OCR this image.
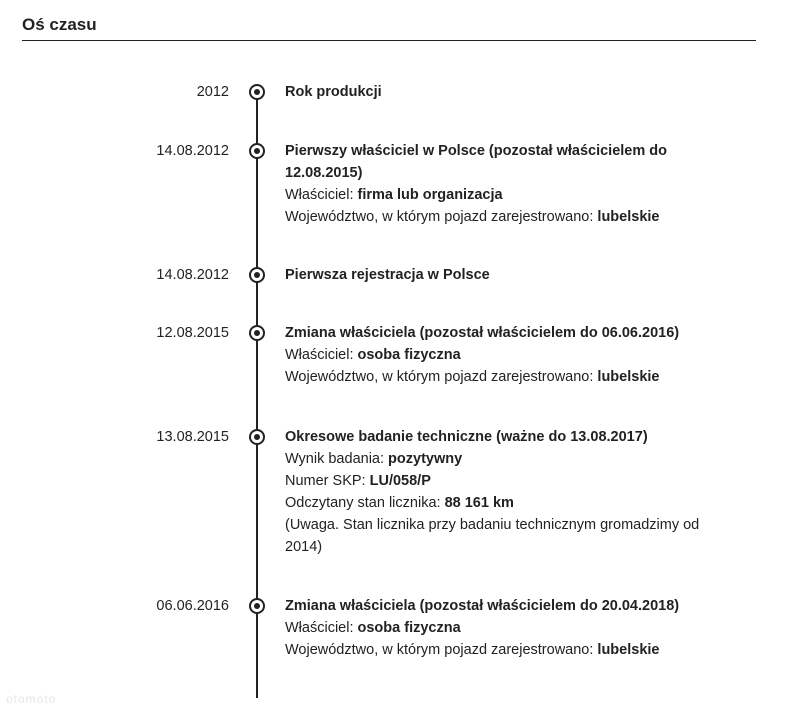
Oś czasu
2012	Rok produkcji
14.08.2012	Pierwszy właściciel w Polsce (pozostał właścicielem do 12.08.2015)
Właściciel: firma lub organizacja
Województwo, w którym pojazd zarejestrowano: lubelskie
14.08.2012	Pierwsza rejestracja w Polsce
12.08.2015	Zmiana właściciela (pozostał właścicielem do 06.06.2016)
Właściciel: osoba fizyczna
Województwo, w którym pojazd zarejestrowano: lubelskie
13.08.2015	Okresowe badanie techniczne (ważne do 13.08.2017)
Wynik badania: pozytywny
Numer SKP: LU/058/P
Odczytany stan licznika: 88 161 km
(Uwaga. Stan licznika przy badaniu technicznym gromadzimy od 2014)
06.06.2016	Zmiana właściciela (pozostał właścicielem do 20.04.2018)
Właściciel: osoba fizyczna
Województwo, w którym pojazd zarejestrowano: lubelskie
otomoto
